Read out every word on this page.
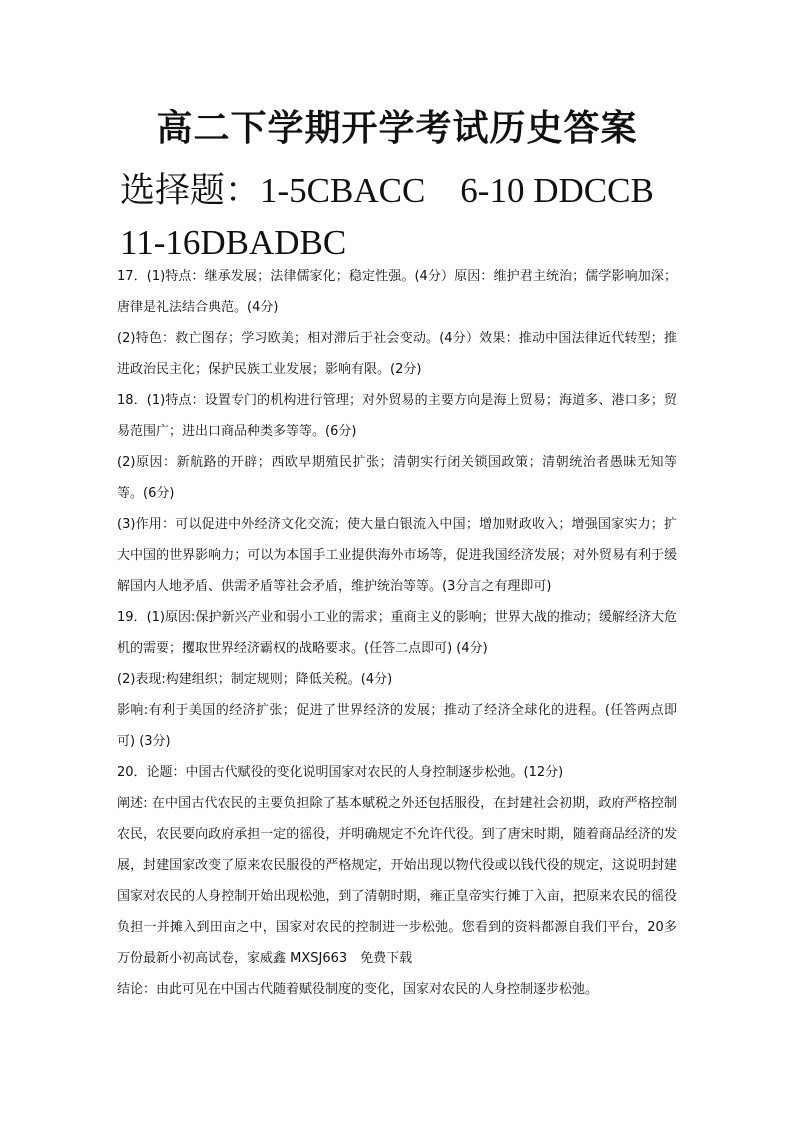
高二下学期开学考试历史答案
选择题：1-5CBACC    6-10 DDCCB
11-16DBADBC

17．(1)特点：继承发展；法律儒家化；稳定性强。(4分）原因：维护君主统治；儒学影响加深；唐律是礼法结合典范。(4分)

(2)特色：救亡图存；学习欧美；相对滞后于社会变动。(4分）效果：推动中国法律近代转型；推进政治民主化；保护民族工业发展；影响有限。(2分)

18．(1)特点：设置专门的机构进行管理；对外贸易的主要方向是海上贸易；海道多、港口多；贸易范围广；进出口商品种类多等等。(6分)

(2)原因：新航路的开辟；西欧早期殖民扩张；清朝实行闭关锁国政策；清朝统治者愚昧无知等等。(6分)

(3)作用：可以促进中外经济文化交流；使大量白银流入中国；增加财政收入；增强国家实力；扩大中国的世界影响力；可以为本国手工业提供海外市场等，促进我国经济发展；对外贸易有利于缓解国内人地矛盾、供需矛盾等社会矛盾，维护统治等等。(3分言之有理即可)

19．(1)原因:保护新兴产业和弱小工业的需求；重商主义的影响；世界大战的推动；缓解经济大危机的需要；攫取世界经济霸权的战略要求。(任答二点即可) (4分)

(2)表现:构建组织；制定规则；降低关税。(4分)

影响:有利于美国的经济扩张；促进了世界经济的发展；推动了经济全球化的进程。(任答两点即可) (3分)

20．论题：中国古代赋役的变化说明国家对农民的人身控制逐步松弛。(12分)

阐述: 在中国古代农民的主要负担除了基本赋税之外还包括服役，在封建社会初期，政府严格控制农民，农民要向政府承担一定的徭役，并明确规定不允许代役。到了唐宋时期，随着商品经济的发展，封建国家改变了原来农民服役的严格规定，开始出现以物代役或以钱代役的规定，这说明封建国家对农民的人身控制开始出现松弛，到了清朝时期，雍正皇帝实行摊丁入亩，把原来农民的徭役负担一并摊入到田亩之中，国家对农民的控制进一步松弛。您看到的资料都源自我们平台，20多万份最新小初高试卷，家威鑫 MXSJ663　免费下载

结论：由此可见在中国古代随着赋役制度的变化，国家对农民的人身控制逐步松弛。
